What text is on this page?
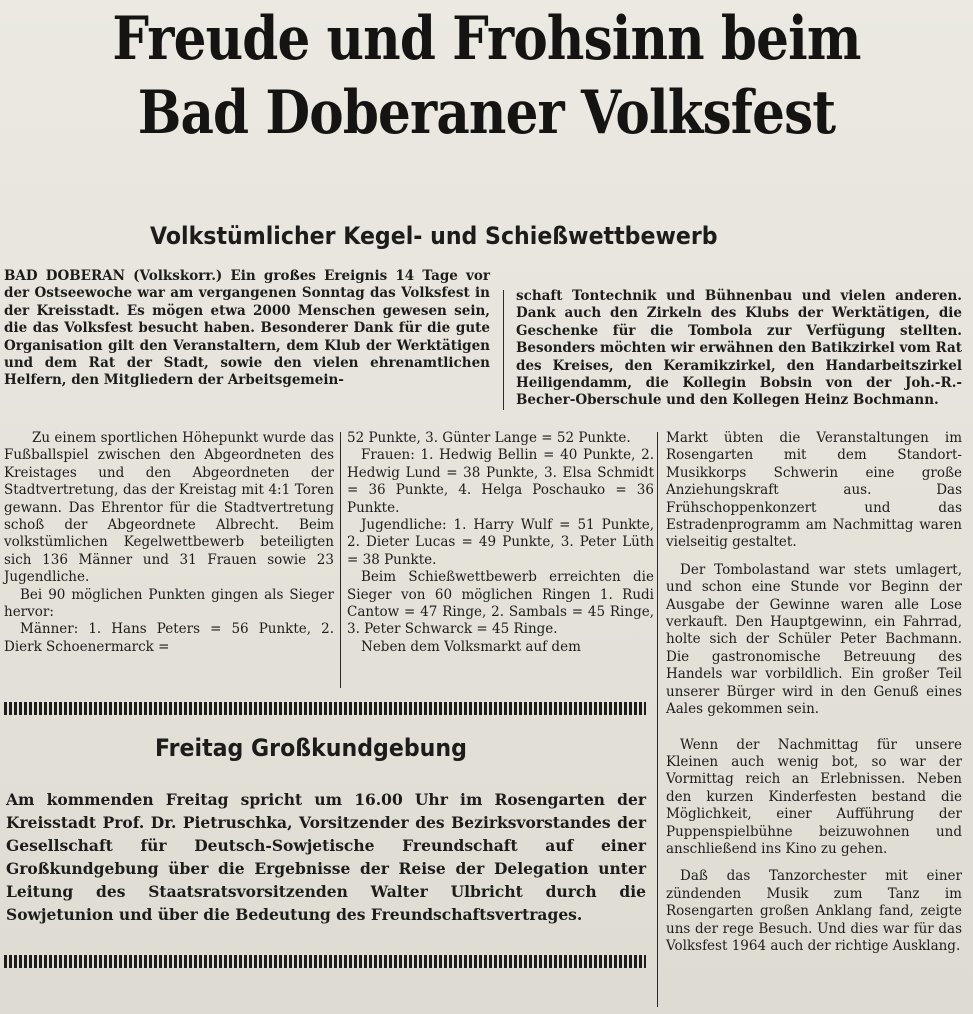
Freude und Frohsinn beim
Bad Doberaner Volksfest
Volkstümlicher Kegel- und Schießwettbewerb

BAD DOBERAN (Volkskorr.) Ein großes Ereignis 14 Tage vor der Ostseewoche war am vergangenen Sonntag das Volksfest in der Kreisstadt. Es mögen etwa 2000 Menschen gewesen sein, die das Volksfest besucht haben. Besonderer Dank für die gute Organisation gilt den Veranstaltern, dem Klub der Werktätigen und dem Rat der Stadt, sowie den vielen ehrenamtlichen Helfern, den Mitgliedern der Arbeitsgemein-

schaft Tontechnik und Bühnenbau und vielen anderen. Dank auch den Zirkeln des Klubs der Werktätigen, die Geschenke für die Tombola zur Verfügung stellten. Besonders möchten wir erwähnen den Batikzirkel vom Rat des Kreises, den Keramikzirkel, den Handarbeitszirkel Heiligendamm, die Kollegin Bobsin von der Joh.-R.-Becher-Oberschule und den Kollegen Heinz Bochmann.

Zu einem sportlichen Höhepunkt wurde das Fußballspiel zwischen den Abgeordneten des Kreistages und den Abgeordneten der Stadtvertretung, das der Kreistag mit 4:1 Toren gewann. Das Ehrentor für die Stadtvertretung schoß der Abgeordnete Albrecht. Beim volkstümlichen Kegelwettbewerb beteiligten sich 136 Männer und 31 Frauen sowie 23 Jugendliche.

Bei 90 möglichen Punkten gingen als Sieger hervor:

Männer: 1. Hans Peters = 56 Punkte, 2. Dierk Schoenermarck =

52 Punkte, 3. Günter Lange = 52 Punkte.

Frauen: 1. Hedwig Bellin = 40 Punkte, 2. Hedwig Lund = 38 Punkte, 3. Elsa Schmidt = 36 Punkte, 4. Helga Poschauko = 36 Punkte.

Jugendliche: 1. Harry Wulf = 51 Punkte, 2. Dieter Lucas = 49 Punkte, 3. Peter Lüth = 38 Punkte.

Beim Schießwettbewerb erreichten die Sieger von 60 möglichen Ringen 1. Rudi Cantow = 47 Ringe, 2. Sambals = 45 Ringe, 3. Peter Schwarck = 45 Ringe.

Neben dem Volksmarkt auf dem

Markt übten die Veranstaltungen im Rosengarten mit dem Standort-Musikkorps Schwerin eine große Anziehungskraft aus. Das Frühschoppenkonzert und das Estradenprogramm am Nachmittag waren vielseitig gestaltet.

Der Tombolastand war stets umlagert, und schon eine Stunde vor Beginn der Ausgabe der Gewinne waren alle Lose verkauft. Den Hauptgewinn, ein Fahrrad, holte sich der Schüler Peter Bachmann. Die gastronomische Betreuung des Handels war vorbildlich. Ein großer Teil unserer Bürger wird in den Genuß eines Aales gekommen sein.

Wenn der Nachmittag für unsere Kleinen auch wenig bot, so war der Vormittag reich an Erlebnissen. Neben den kurzen Kinderfesten bestand die Möglichkeit, einer Aufführung der Puppenspielbühne beizuwohnen und anschließend ins Kino zu gehen.

Daß das Tanzorchester mit einer zündenden Musik zum Tanz im Rosengarten großen Anklang fand, zeigte uns der rege Besuch. Und dies war für das Volksfest 1964 auch der richtige Ausklang.

Freitag Großkundgebung

Am kommenden Freitag spricht um 16.00 Uhr im Rosengarten der Kreisstadt Prof. Dr. Pietruschka, Vorsitzender des Bezirksvorstandes der Gesellschaft für Deutsch-Sowjetische Freundschaft auf einer Großkundgebung über die Ergebnisse der Reise der Delegation unter Leitung des Staatsratsvorsitzenden Walter Ulbricht durch die Sowjetunion und über die Bedeutung des Freundschaftsvertrages.
